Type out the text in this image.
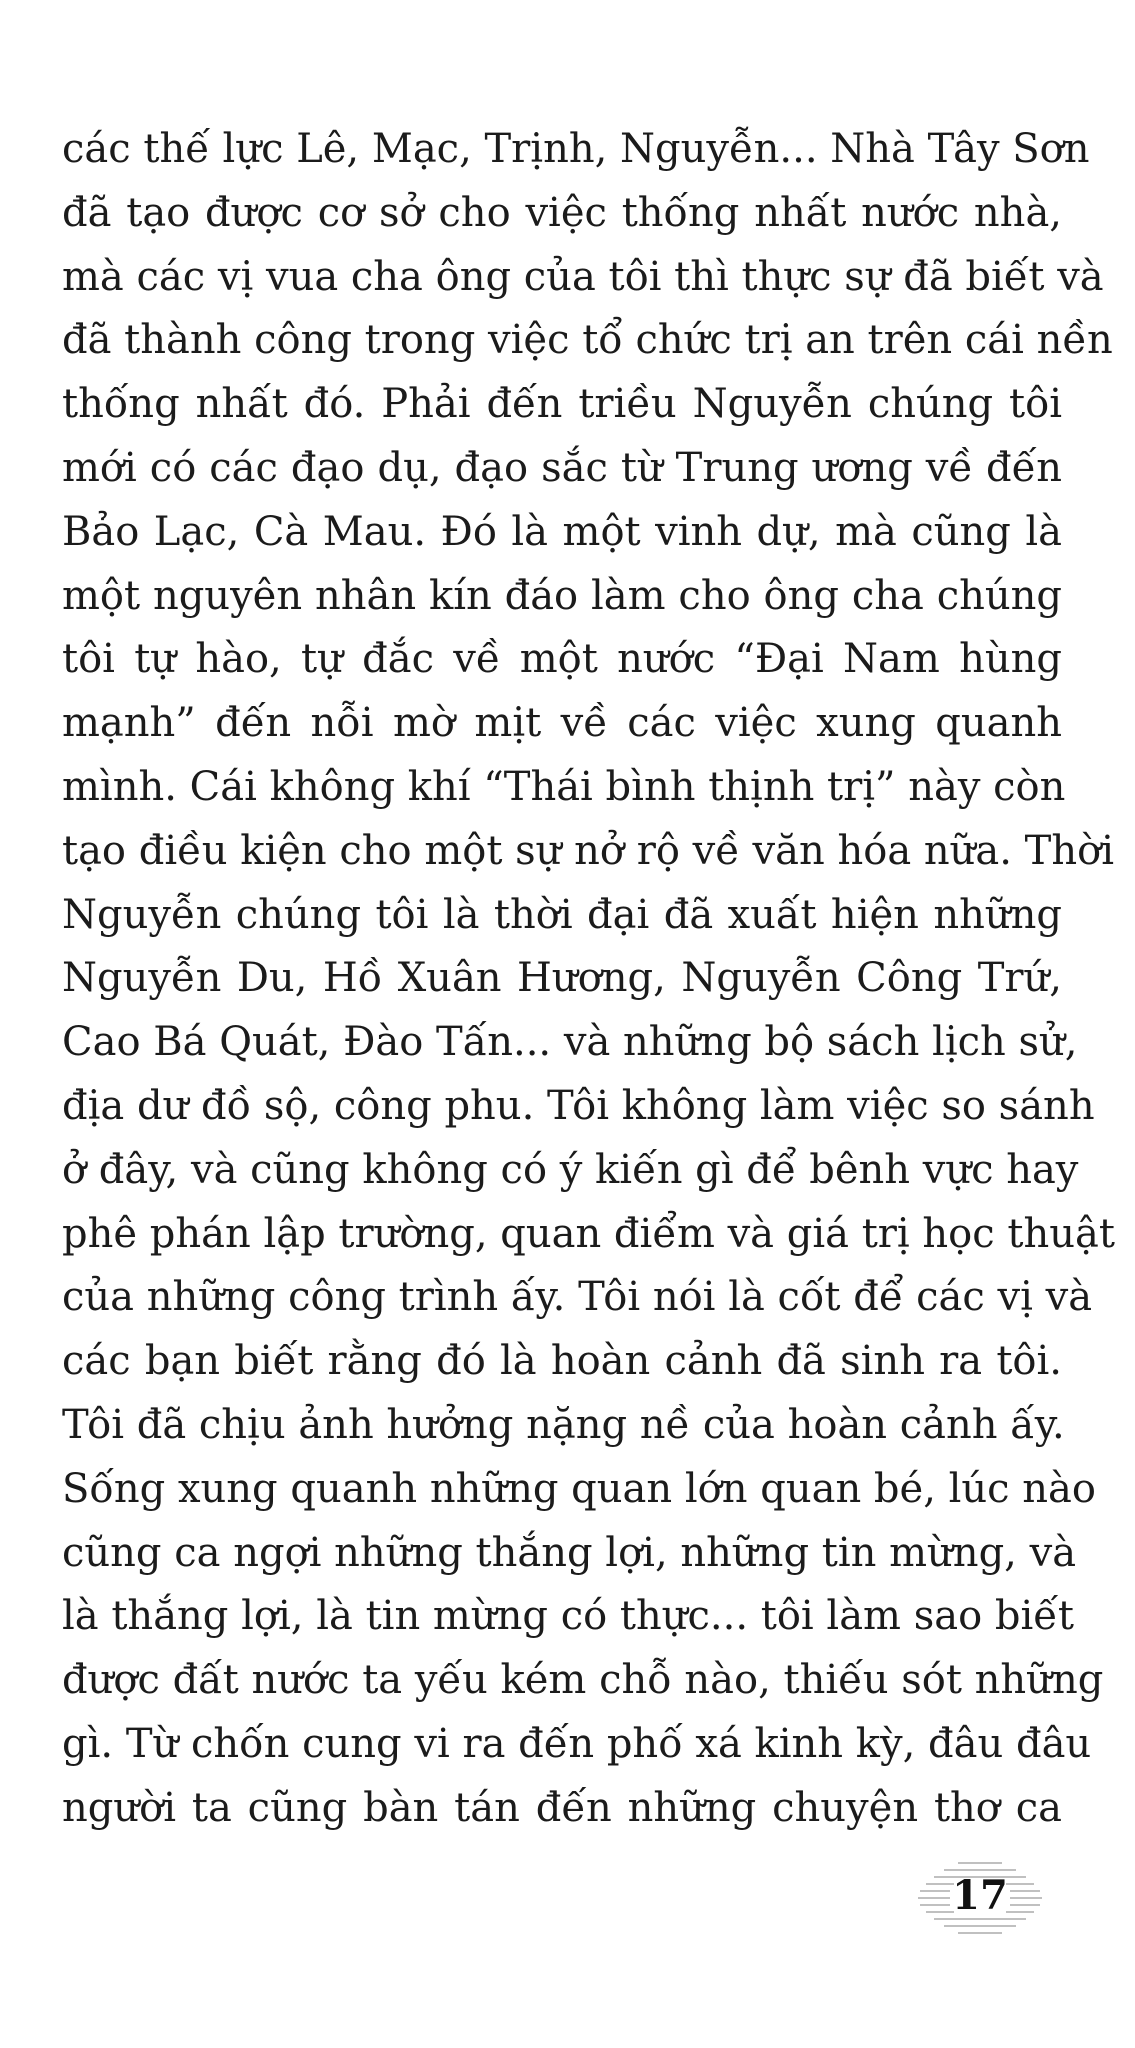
các thế lực Lê, Mạc, Trịnh, Nguyễn... Nhà Tây Sơn
đã tạo được cơ sở cho việc thống nhất nước nhà,
mà các vị vua cha ông của tôi thì thực sự đã biết và
đã thành công trong việc tổ chức trị an trên cái nền
thống nhất đó. Phải đến triều Nguyễn chúng tôi
mới có các đạo dụ, đạo sắc từ Trung ương về đến
Bảo Lạc, Cà Mau. Đó là một vinh dự, mà cũng là
một nguyên nhân kín đáo làm cho ông cha chúng
tôi tự hào, tự đắc về một nước “Đại Nam hùng
mạnh” đến nỗi mờ mịt về các việc xung quanh
mình. Cái không khí “Thái bình thịnh trị” này còn
tạo điều kiện cho một sự nở rộ về văn hóa nữa. Thời
Nguyễn chúng tôi là thời đại đã xuất hiện những
Nguyễn Du, Hồ Xuân Hương, Nguyễn Công Trứ,
Cao Bá Quát, Đào Tấn... và những bộ sách lịch sử,
địa dư đồ sộ, công phu. Tôi không làm việc so sánh
ở đây, và cũng không có ý kiến gì để bênh vực hay
phê phán lập trường, quan điểm và giá trị học thuật
của những công trình ấy. Tôi nói là cốt để các vị và
các bạn biết rằng đó là hoàn cảnh đã sinh ra tôi.
Tôi đã chịu ảnh hưởng nặng nề của hoàn cảnh ấy.
Sống xung quanh những quan lớn quan bé, lúc nào
cũng ca ngợi những thắng lợi, những tin mừng, và
là thắng lợi, là tin mừng có thực... tôi làm sao biết
được đất nước ta yếu kém chỗ nào, thiếu sót những
gì. Từ chốn cung vi ra đến phố xá kinh kỳ, đâu đâu
người ta cũng bàn tán đến những chuyện thơ ca
17
